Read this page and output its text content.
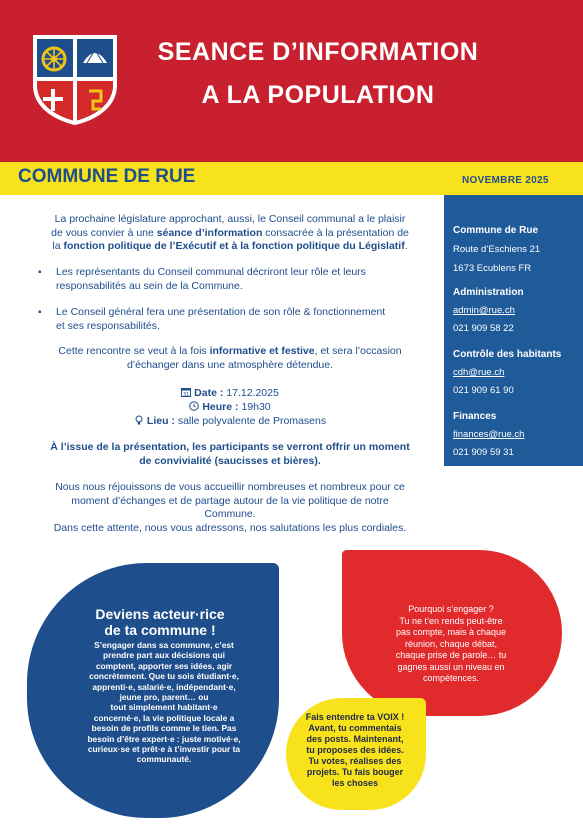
SEANCE D’INFORMATION
A LA POPULATION
COMMUNE DE RUE	NOVEMBRE 2025
Commune de Rue
Route d’Eschiens 21
1673 Ecublens FR
Administration
admin@rue.ch
021 909 58 22
Contrôle des habitants
cdh@rue.ch
021 909 61 90
Finances
finances@rue.ch
021 909 59 31
La prochaine législature approchant, aussi, le Conseil communal a le plaisir
de vous convier à une séance d’information consacrée à la présentation de
la fonction politique de l’Exécutif et à la fonction politique du Législatif.
▪ Les représentants du Conseil communal décriront leur rôle et leurs
responsabilités au sein de la Commune.
▪ Le Conseil général fera une présentation de son rôle & fonctionnement
et ses responsabilités.
Cette rencontre se veut à la fois informative et festive, et sera l’occasion
d’échanger dans une atmosphère détendue.
31 Date : 17.12.2025
Heure : 19h30
Lieu : salle polyvalente de Promasens
À l’issue de la présentation, les participants se verront offrir un moment
de convivialité (saucisses et bières).
Nous nous réjouissons de vous accueillir nombreuses et nombreux pour ce
moment d’échanges et de partage autour de la vie politique de notre
Commune.
Dans cette attente, nous vous adressons, nos salutations les plus cordiales.
Deviens acteur·rice
de ta commune !
S’engager dans sa commune, c’est
prendre part aux décisions qui
comptent, apporter ses idées, agir
concrètement. Que tu sois étudiant·e,
apprenti·e, salarié·e, indépendant·e,
jeune pro, parent… ou
tout simplement habitant·e
concerné·e, la vie politique locale a
besoin de profils comme le tien. Pas
besoin d’être expert·e : juste motivé·e,
curieux·se et prêt·e à t’investir pour ta
communauté.
Pourquoi s’engager ?
Tu ne t’en rends peut-être
pas compte, mais à chaque
réunion, chaque débat,
chaque prise de parole… tu
gagnes aussi un niveau en
compétences.
Fais entendre ta VOIX !
Avant, tu commentais
des posts. Maintenant,
tu proposes des idées.
Tu votes, réalises des
projets. Tu fais bouger
les choses
